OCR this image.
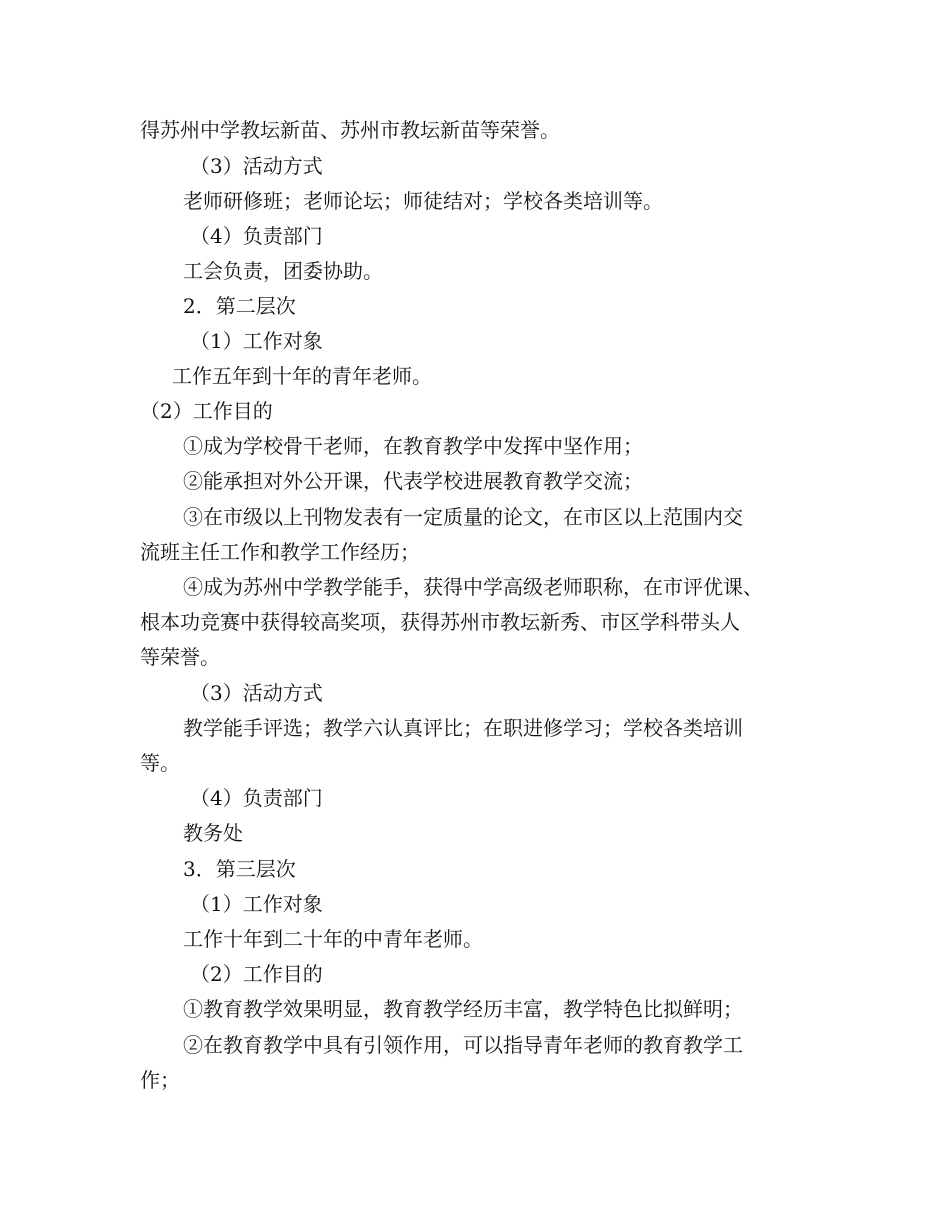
得苏州中学教坛新苗、苏州市教坛新苗等荣誉。
（3）活动方式
老师研修班；老师论坛；师徒结对；学校各类培训等。
（4）负责部门
工会负责，团委协助。
2．第二层次
（1）工作对象
工作五年到十年的青年老师。
（2）工作目的
①成为学校骨干老师，在教育教学中发挥中坚作用；
②能承担对外公开课，代表学校进展教育教学交流；
③在市级以上刊物发表有一定质量的论文，在市区以上范围内交
流班主任工作和教学工作经历；
④成为苏州中学教学能手，获得中学高级老师职称，在市评优课、
根本功竞赛中获得较高奖项，获得苏州市教坛新秀、市区学科带头人
等荣誉。
（3）活动方式
教学能手评选；教学六认真评比；在职进修学习；学校各类培训
等。
（4）负责部门
教务处
3．第三层次
（1）工作对象
工作十年到二十年的中青年老师。
（2）工作目的
①教育教学效果明显，教育教学经历丰富，教学特色比拟鲜明；
②在教育教学中具有引领作用，可以指导青年老师的教育教学工
作；
